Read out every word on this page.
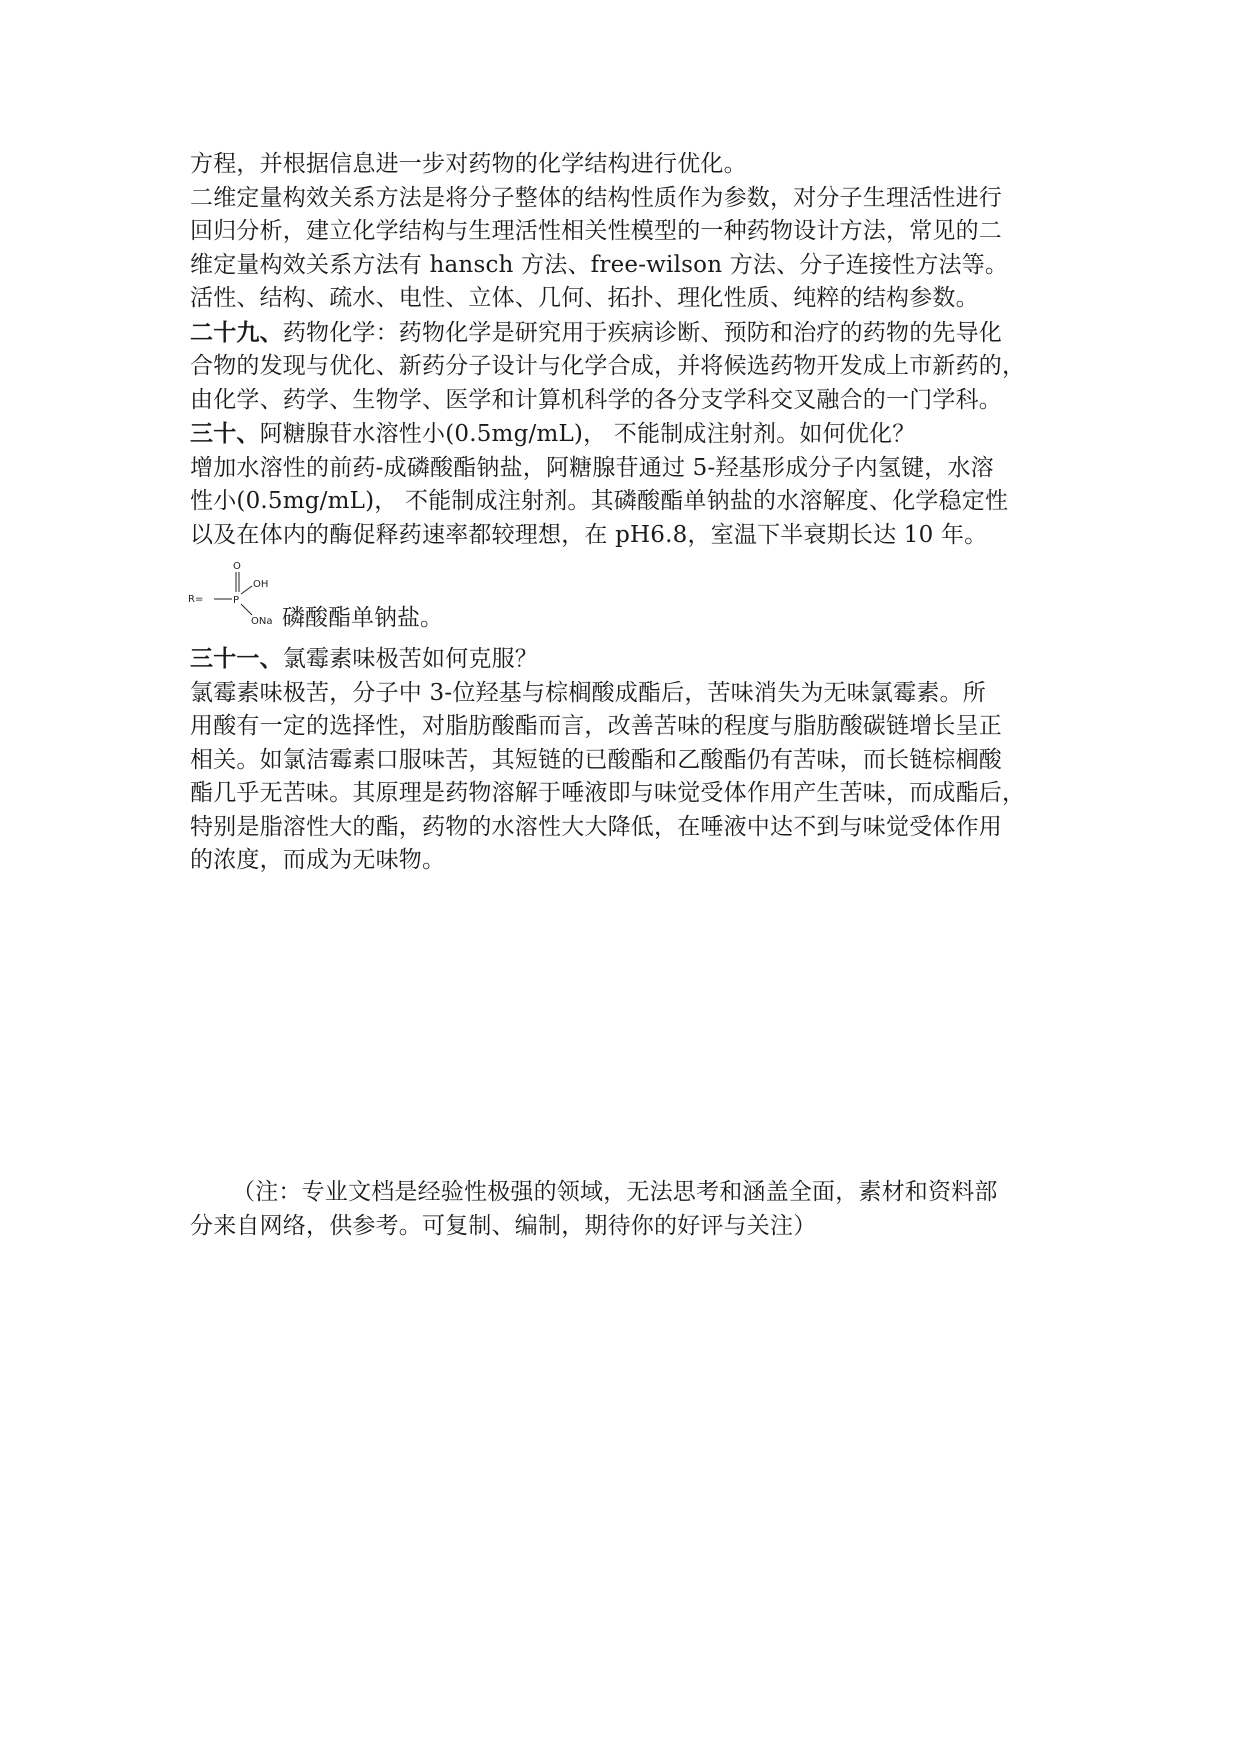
方程，并根据信息进一步对药物的化学结构进行优化。
二维定量构效关系方法是将分子整体的结构性质作为参数，对分子生理活性进行
回归分析，建立化学结构与生理活性相关性模型的一种药物设计方法，常见的二
维定量构效关系方法有 hansch 方法、free-wilson 方法、分子连接性方法等。
活性、结构、疏水、电性、立体、几何、拓扑、理化性质、纯粹的结构参数。
二十九、药物化学：药物化学是研究用于疾病诊断、预防和治疗的药物的先导化
合物的发现与优化、新药分子设计与化学合成，并将候选药物开发成上市新药的，
由化学、药学、生物学、医学和计算机科学的各分支学科交叉融合的一门学科。
三十、阿糖腺苷水溶性小(0.5mg/mL)， 不能制成注射剂。如何优化？
增加水溶性的前药-成磷酸酯钠盐，阿糖腺苷通过 5-羟基形成分子内氢键，水溶
性小(0.5mg/mL)， 不能制成注射剂。其磷酸酯单钠盐的水溶解度、化学稳定性
以及在体内的酶促释药速率都较理想，在 pH6.8，室温下半衰期长达 10 年。
R=	P
O
OH
ONa 磷酸酯单钠盐。
三十一、氯霉素味极苦如何克服？
氯霉素味极苦，分子中 3-位羟基与棕榈酸成酯后，苦味消失为无味氯霉素。所
用酸有一定的选择性，对脂肪酸酯而言，改善苦味的程度与脂肪酸碳链增长呈正
相关。如氯洁霉素口服味苦，其短链的已酸酯和乙酸酯仍有苦味，而长链棕榈酸
酯几乎无苦味。其原理是药物溶解于唾液即与味觉受体作用产生苦味，而成酯后，
特别是脂溶性大的酯，药物的水溶性大大降低，在唾液中达不到与味觉受体作用
的浓度，而成为无味物。
（注：专业文档是经验性极强的领域，无法思考和涵盖全面，素材和资料部
分来自网络，供参考。可复制、编制，期待你的好评与关注）
